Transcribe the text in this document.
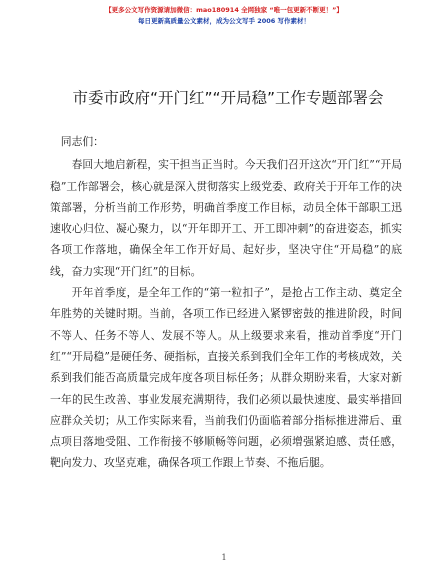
【更多公文写作资源请加微信：mao180914 全网独家 “唯一包更新不断更！”】
每日更新高质量公文素材，成为公文写手 2006 写作素材！
市委市政府“开门红”“开局稳”工作专题部署会

同志们：

春回大地启新程，实干担当正当时。今天我们召开这次“开门红”“开局稳”工作部署会，核心就是深入贯彻落实上级党委、政府关于开年工作的决策部署，分析当前工作形势，明确首季度工作目标，动员全体干部职工迅速收心归位、凝心聚力，以“开年即开工、开工即冲刺”的奋进姿态，抓实各项工作落地，确保全年工作开好局、起好步，坚决守住“开局稳”的底线，奋力实现“开门红”的目标。

开年首季度，是全年工作的“第一粒扣子”，是抢占工作主动、奠定全年胜势的关键时期。当前，各项工作已经进入紧锣密鼓的推进阶段，时间不等人、任务不等人、发展不等人。从上级要求来看，推动首季度“开门红”“开局稳”是硬任务、硬指标，直接关系到我们全年工作的考核成效，关系到我们能否高质量完成年度各项目标任务；从群众期盼来看，大家对新一年的民生改善、事业发展充满期待，我们必须以最快速度、最实举措回应群众关切；从工作实际来看，当前我们仍面临着部分指标推进滞后、重点项目落地受阻、工作衔接不够顺畅等问题，必须增强紧迫感、责任感，靶向发力、攻坚克难，确保各项工作跟上节奏、不拖后腿。

1
